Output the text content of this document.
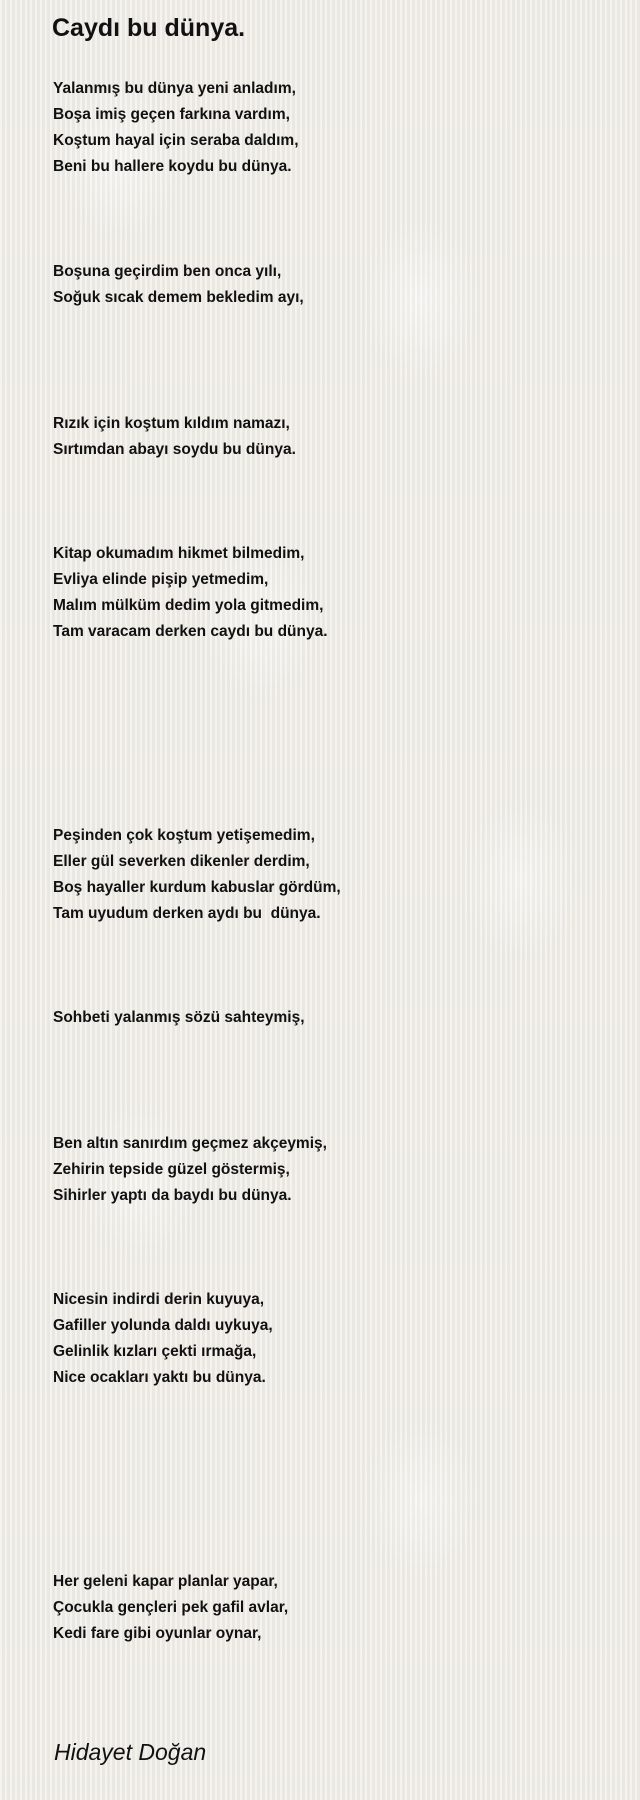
Caydı bu dünya.
Yalanmış bu dünya yeni anladım,
Boşa imiş geçen farkına vardım,
Koştum hayal için seraba daldım,
Beni bu hallere koydu bu dünya.
Boşuna geçirdim ben onca yılı,
Soğuk sıcak demem bekledim ayı,
Rızık için koştum kıldım namazı,
Sırtımdan abayı soydu bu dünya.
Kitap okumadım hikmet bilmedim,
Evliya elinde pişip yetmedim,
Malım mülküm dedim yola gitmedim,
Tam varacam derken caydı bu dünya.
Peşinden çok koştum yetişemedim,
Eller gül severken dikenler derdim,
Boş hayaller kurdum kabuslar gördüm,
Tam uyudum derken aydı bu  dünya.
Sohbeti yalanmış sözü sahteymiş,
Ben altın sanırdım geçmez akçeymiş,
Zehirin tepside güzel göstermiş,
Sihirler yaptı da baydı bu dünya.
Nicesin indirdi derin kuyuya,
Gafiller yolunda daldı uykuya,
Gelinlik kızları çekti ırmağa,
Nice ocakları yaktı bu dünya.
Her geleni kapar planlar yapar,
Çocukla gençleri pek gafil avlar,
Kedi fare gibi oyunlar oynar,
Hidayet Doğan
